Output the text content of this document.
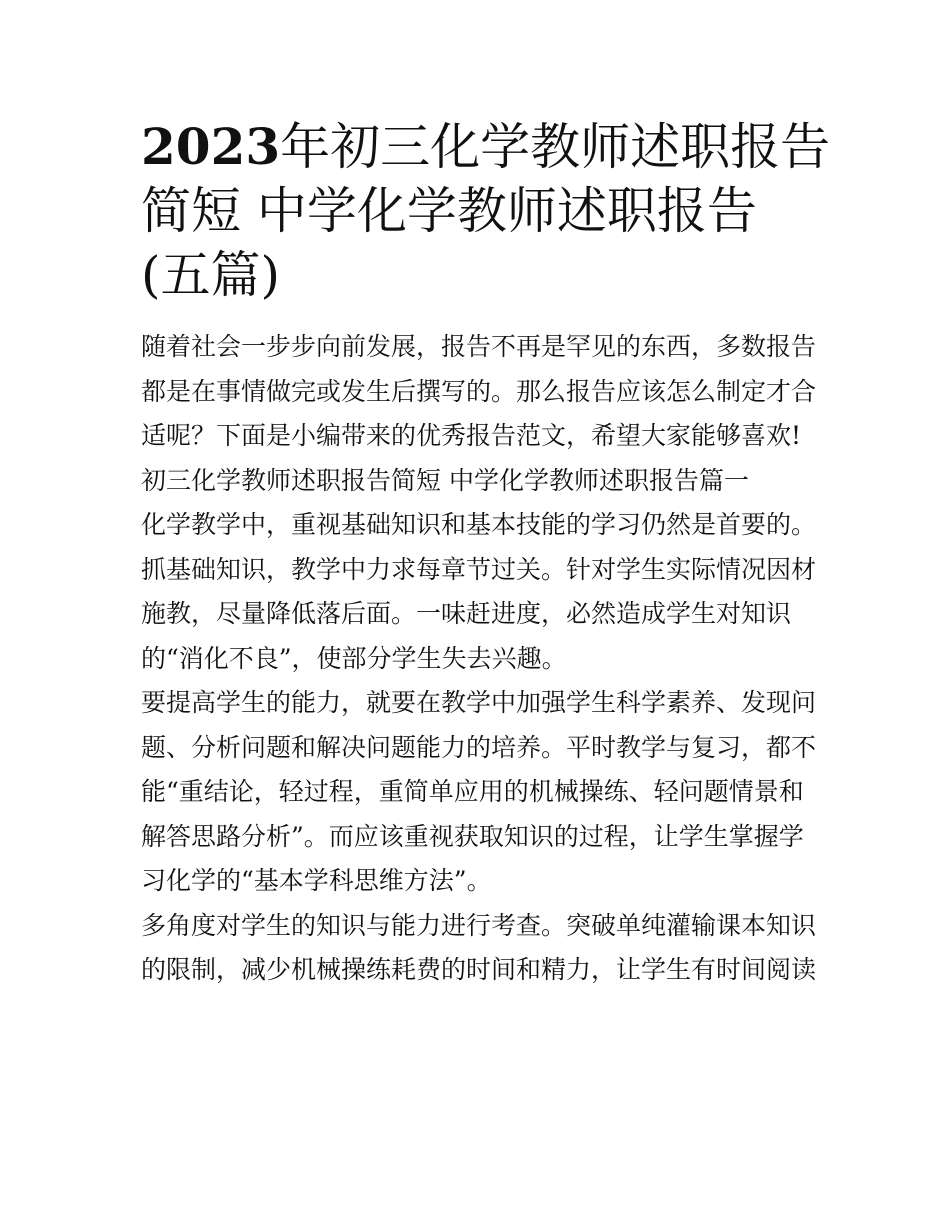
2023年初三化学教师述职报告
简短 中学化学教师述职报告
(五篇)

随着社会一步步向前发展，报告不再是罕见的东西，多数报告

都是在事情做完或发生后撰写的。那么报告应该怎么制定才合

适呢？下面是小编带来的优秀报告范文，希望大家能够喜欢!

初三化学教师述职报告简短 中学化学教师述职报告篇一

化学教学中，重视基础知识和基本技能的学习仍然是首要的。

抓基础知识，教学中力求每章节过关。针对学生实际情况因材

施教，尽量降低落后面。一味赶进度，必然造成学生对知识

的“消化不良”，使部分学生失去兴趣。

要提高学生的能力，就要在教学中加强学生科学素养、发现问

题、分析问题和解决问题能力的培养。平时教学与复习，都不

能“重结论，轻过程，重简单应用的机械操练、轻问题情景和

解答思路分析”。而应该重视获取知识的过程，让学生掌握学

习化学的“基本学科思维方法”。

多角度对学生的知识与能力进行考查。突破单纯灌输课本知识

的限制，减少机械操练耗费的时间和精力，让学生有时间阅读
